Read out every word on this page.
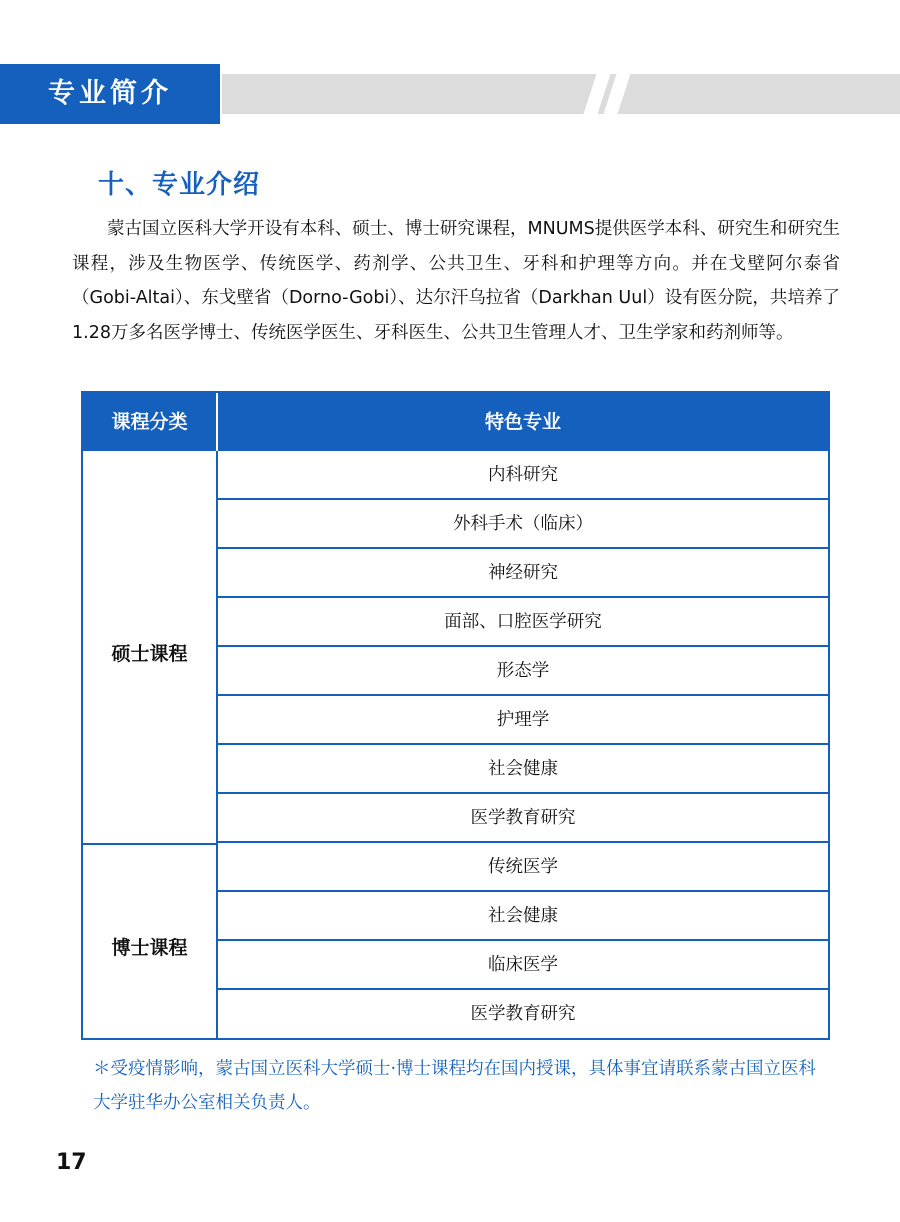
专业简介
十、专业介绍
蒙古国立医科大学开设有本科、硕士、博士研究课程，MNUMS提供医学本科、研究生和研究生课程，涉及生物医学、传统医学、药剂学、公共卫生、牙科和护理等方向。并在戈壁阿尔泰省（Gobi-Altai）、东戈壁省（Dorno-Gobi）、达尔汗乌拉省（Darkhan Uul）设有医分院，共培养了1.28万多名医学博士、传统医学医生、牙科医生、公共卫生管理人才、卫生学家和药剂师等。
课程分类	特色专业
硕士课程
博士课程
内科研究
外科手术（临床）
神经研究
面部、口腔医学研究
形态学
护理学
社会健康
医学教育研究
传统医学
社会健康
临床医学
医学教育研究
＊受疫情影响，蒙古国立医科大学硕士·博士课程均在国内授课，具体事宜请联系蒙古国立医科大学驻华办公室相关负责人。
17
